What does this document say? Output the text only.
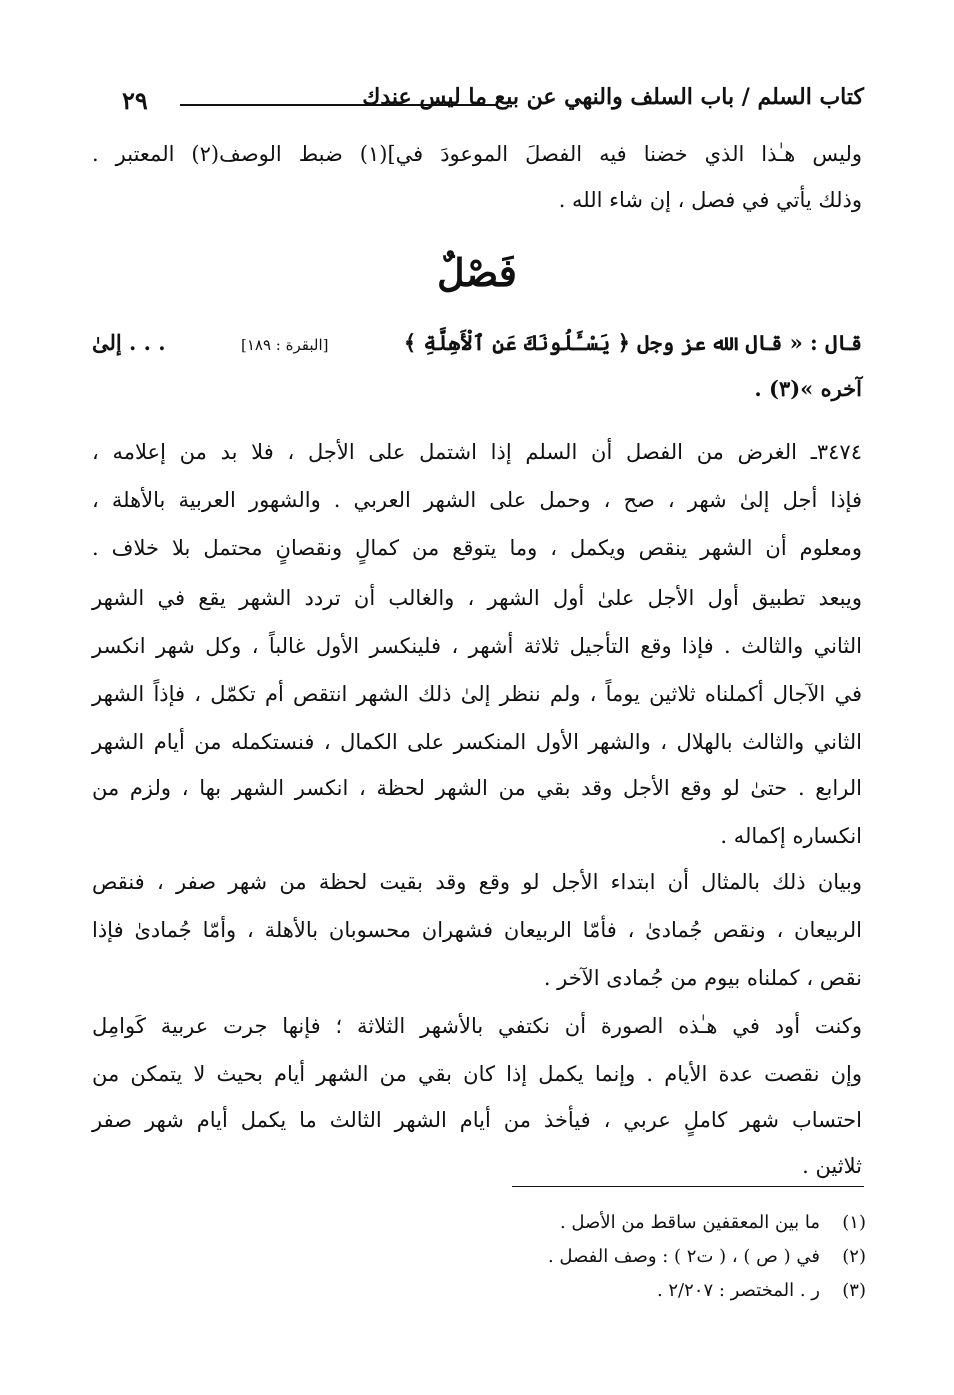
٢٩	كتاب السلم / باب السلف والنهي عن بيع ما ليس عندك
وليس هـٰذا الذي خضنا فيه الفصلَ الموعودَ في](١) ضبط الوصف(٢) المعتبر .
وذلك يأتي في فصل ، إن شاء الله .
فَصْلٌ
قال : « قال الله عز وجل ﴿ يَسْـَٔلُونَكَ عَنِ ٱلْأَهِلَّةِ ﴾
[البقرة : ١٨٩]
. . . إلىٰ
آخره »(٣) .
٣٤٧٤ـ الغرض من الفصل أن السلم إذا اشتمل على الأجل ، فلا بد من إعلامه ،
فإذا أجل إلىٰ شهر ، صح ، وحمل على الشهر العربي . والشهور العربية بالأهلة ،
ومعلوم أن الشهر ينقص ويكمل ، وما يتوقع من كمالٍ ونقصانٍ محتمل بلا خلاف .
ويبعد تطبيق أول الأجل علىٰ أول الشهر ، والغالب أن تردد الشهر يقع في الشهر
الثاني والثالث . فإذا وقع التأجيل ثلاثة أشهر ، فلينكسر الأول غالباً ، وكل شهر انكسر
في الآجال أكملناه ثلاثين يوماً ، ولم ننظر إلىٰ ذلك الشهر انتقص أم تكمّل ، فإذاً الشهر
الثاني والثالث بالهلال ، والشهر الأول المنكسر على الكمال ، فنستكمله من أيام الشهر
الرابع . حتىٰ لو وقع الأجل وقد بقي من الشهر لحظة ، انكسر الشهر بها ، ولزم من
انكساره إكماله .
وبيان ذلك بالمثال أن ابتداء الأجل لو وقع وقد بقيت لحظة من شهر صفر ، فنقص
الربيعان ، ونقص جُمادىٰ ، فأمّا الربيعان فشهران محسوبان بالأهلة ، وأمّا جُمادىٰ فإذا
نقص ، كملناه بيوم من جُمادى الآخر .
وكنت أود في هـٰذه الصورة أن نكتفي بالأشهر الثلاثة ؛ فإنها جرت عربية كَوامِل
وإن نقصت عدة الأيام . وإنما يكمل إذا كان بقي من الشهر أيام بحيث لا يتمكن من
احتساب شهر كاملٍ عربي ، فيأخذ من أيام الشهر الثالث ما يكمل أيام شهر صفر
ثلاثين .
(١)ما بين المعقفين ساقط من الأصل .
(٢)في ( ص ) ، ( ت٢ ) : وصف الفصل .
(٣)ر . المختصر : ٢/٢٠٧ .
